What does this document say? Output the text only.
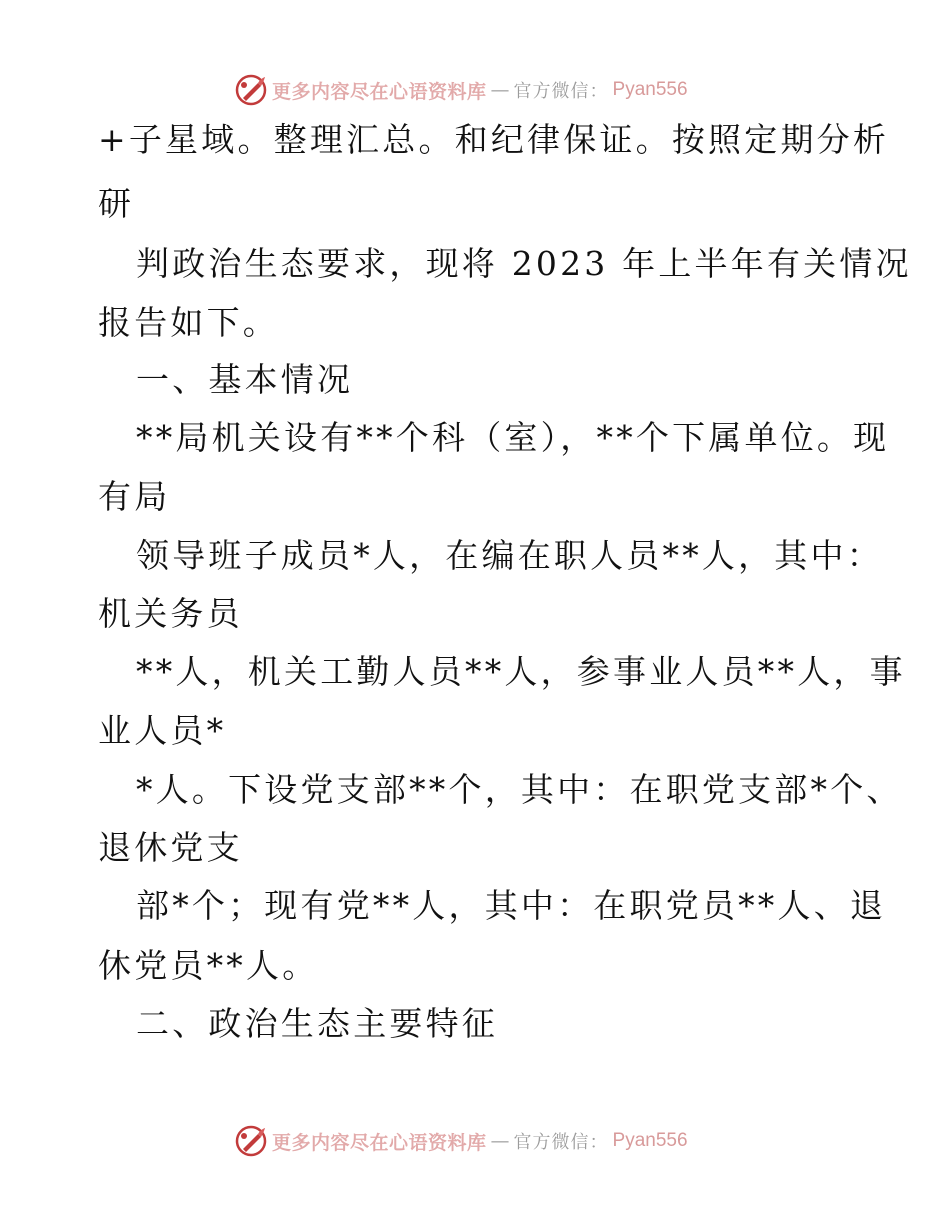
更多内容尽在心语资料库 — 官方微信： Pyan556
+子星域。整理汇总。和纪律保证。按照定期分析
研
判政治生态要求，现将 2023 年上半年有关情况
报告如下。
一、基本情况
**局机关设有**个科（室），**个下属单位。现
有局
领导班子成员*人，在编在职人员**人，其中：
机关务员
**人，机关工勤人员**人，参事业人员**人，事
业人员*
*人。下设党支部**个，其中：在职党支部*个、
退休党支
部*个；现有党**人，其中：在职党员**人、退
休党员**人。
二、政治生态主要特征
更多内容尽在心语资料库 — 官方微信： Pyan556
